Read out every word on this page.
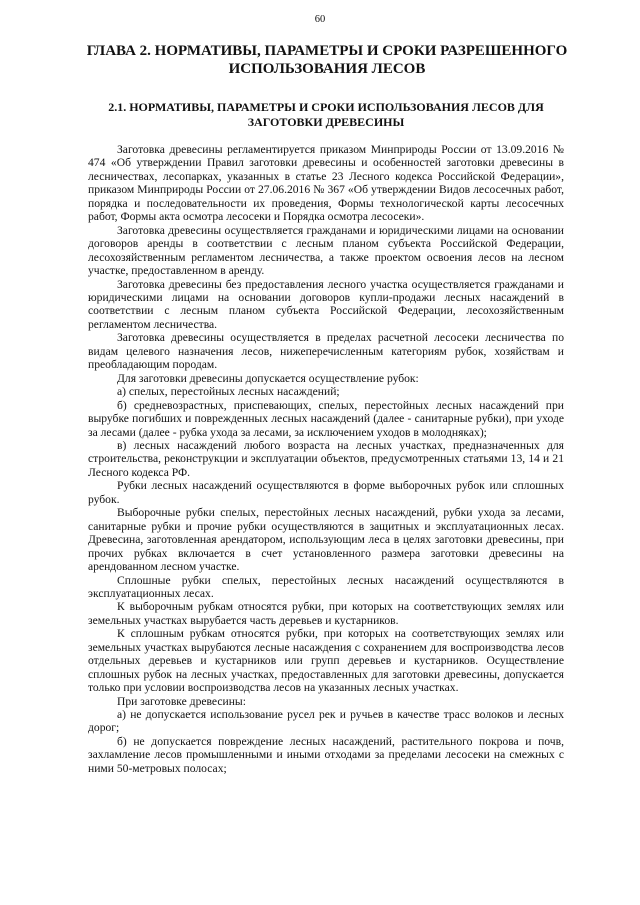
60
ГЛАВА 2. НОРМАТИВЫ, ПАРАМЕТРЫ И СРОКИ РАЗРЕШЕННОГО ИСПОЛЬЗОВАНИЯ ЛЕСОВ
2.1. НОРМАТИВЫ, ПАРАМЕТРЫ И СРОКИ ИСПОЛЬЗОВАНИЯ ЛЕСОВ ДЛЯ ЗАГОТОВКИ ДРЕВЕСИНЫ

Заготовка древесины регламентируется приказом Минприроды России от 13.09.2016 № 474 «Об утверждении Правил заготовки древесины и особенностей заготовки древесины в лесничествах, лесопарках, указанных в статье 23 Лесного кодекса Российской Федерации», приказом Минприроды России от 27.06.2016 № 367 «Об утверждении Видов лесосечных работ, порядка и последовательности их проведения, Формы технологической карты лесосечных работ, Формы акта осмотра лесосеки и Порядка осмотра лесосеки».

Заготовка древесины осуществляется гражданами и юридическими лицами на основании договоров аренды в соответствии с лесным планом субъекта Российской Федерации, лесохозяйственным регламентом лесничества, а также проектом освоения лесов на лесном участке, предоставленном в аренду.

Заготовка древесины без предоставления лесного участка осуществляется гражданами и юридическими лицами на основании договоров купли-продажи лесных насаждений в соответствии с лесным планом субъекта Российской Федерации, лесохозяйственным регламентом лесничества.

Заготовка древесины осуществляется в пределах расчетной лесосеки лесничества по видам целевого назначения лесов, нижеперечисленным категориям рубок, хозяйствам и преобладающим породам.

Для заготовки древесины допускается осуществление рубок:

а) спелых, перестойных лесных насаждений;

б) средневозрастных, приспевающих, спелых, перестойных лесных насаждений при вырубке погибших и поврежденных лесных насаждений (далее - санитарные рубки), при уходе за лесами (далее - рубка ухода за лесами, за исключением уходов в молодняках);

в) лесных насаждений любого возраста на лесных участках, предназначенных для строительства, реконструкции и эксплуатации объектов, предусмотренных статьями 13, 14 и 21 Лесного кодекса РФ.

Рубки лесных насаждений осуществляются в форме выборочных рубок или сплошных рубок.

Выборочные рубки спелых, перестойных лесных насаждений, рубки ухода за лесами, санитарные рубки и прочие рубки осуществляются в защитных и эксплуатационных лесах. Древесина, заготовленная арендатором, использующим леса в целях заготовки древесины, при прочих рубках включается в счет установленного размера заготовки древесины на арендованном лесном участке.

Сплошные рубки спелых, перестойных лесных насаждений осуществляются в эксплуатационных лесах.

К выборочным рубкам относятся рубки, при которых на соответствующих землях или земельных участках вырубается часть деревьев и кустарников.

К сплошным рубкам относятся рубки, при которых на соответствующих землях или земельных участках вырубаются лесные насаждения с сохранением для воспроизводства лесов отдельных деревьев и кустарников или групп деревьев и кустарников. Осуществление сплошных рубок на лесных участках, предоставленных для заготовки древесины, допускается только при условии воспроизводства лесов на указанных лесных участках.

При заготовке древесины:

а) не допускается использование русел рек и ручьев в качестве трасс волоков и лесных дорог;

б) не допускается повреждение лесных насаждений, растительного покрова и почв, захламление лесов промышленными и иными отходами за пределами лесосеки на смежных с ними 50-метровых полосах;
